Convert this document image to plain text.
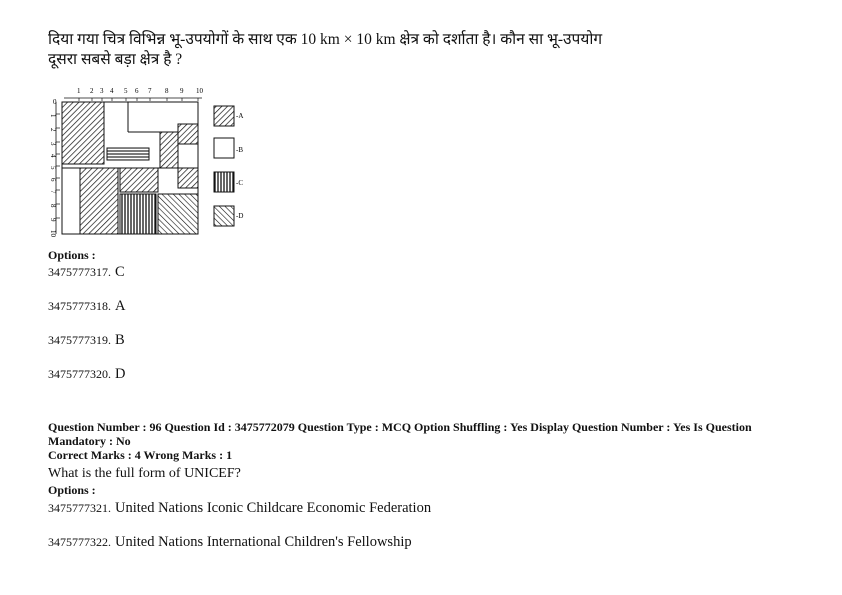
दिया गया चित्र विभिन्न भू-उपयोगों के साथ एक 10 km × 10 km क्षेत्र को दर्शाता है। कौन सा भू-उपयोग
दूसरा सबसे बड़ा क्षेत्र है ?
1 2 3 4 5 6 7 8 9 10
0
1
2
3
4
5
6
7
8
9
10
-A
-B
-C
-D
Options :
3475777317. C
3475777318. A
3475777319. B
3475777320. D
Question Number : 96 Question Id : 3475772079 Question Type : MCQ Option Shuffling : Yes Display Question Number : Yes Is Question
Mandatory : No
Correct Marks : 4 Wrong Marks : 1
What is the full form of UNICEF?
Options :
3475777321. United Nations Iconic Childcare Economic Federation
3475777322. United Nations International Children's Fellowship
